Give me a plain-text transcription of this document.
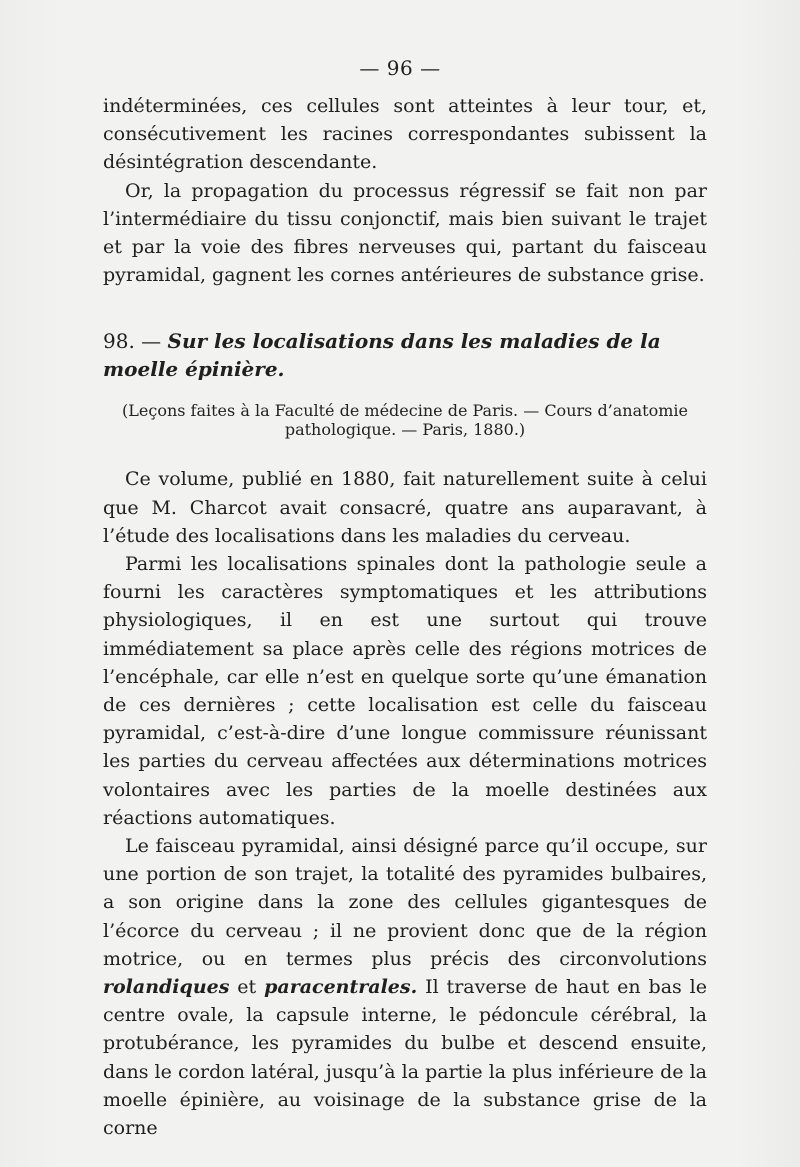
— 96 —

indéterminées, ces cellules sont atteintes à leur tour, et, consécutivement les racines correspondantes subissent la désintégration descendante.

Or, la propagation du processus régressif se fait non par l’intermédiaire du tissu conjonctif, mais bien suivant le trajet et par la voie des fibres nerveuses qui, partant du faisceau pyramidal, gagnent les cornes antérieures de substance grise.

98. — Sur les localisations dans les maladies de la moelle épinière.
(Leçons faites à la Faculté de médecine de Paris. — Cours d’anatomie
pathologique. — Paris, 1880.)

Ce volume, publié en 1880, fait naturellement suite à celui que M. Charcot avait consacré, quatre ans auparavant, à l’étude des localisations dans les maladies du cerveau.

Parmi les localisations spinales dont la pathologie seule a fourni les caractères symptomatiques et les attributions physiologiques, il en est une surtout qui trouve immédiatement sa place après celle des régions motrices de l’encéphale, car elle n’est en quelque sorte qu’une émanation de ces dernières ; cette localisation est celle du faisceau pyramidal, c’est-à-dire d’une longue commissure réunissant les parties du cerveau affectées aux déterminations motrices volontaires avec les parties de la moelle destinées aux réactions automatiques.

Le faisceau pyramidal, ainsi désigné parce qu’il occupe, sur une portion de son trajet, la totalité des pyramides bulbaires, a son origine dans la zone des cellules gigantesques de l’écorce du cerveau ; il ne provient donc que de la région motrice, ou en termes plus précis des circonvolutions rolandiques et paracentrales. Il traverse de haut en bas le centre ovale, la capsule interne, le pédoncule cérébral, la protubérance, les pyramides du bulbe et descend ensuite, dans le cordon latéral, jusqu’à la partie la plus inférieure de la moelle épinière, au voisinage de la substance grise de la corne
